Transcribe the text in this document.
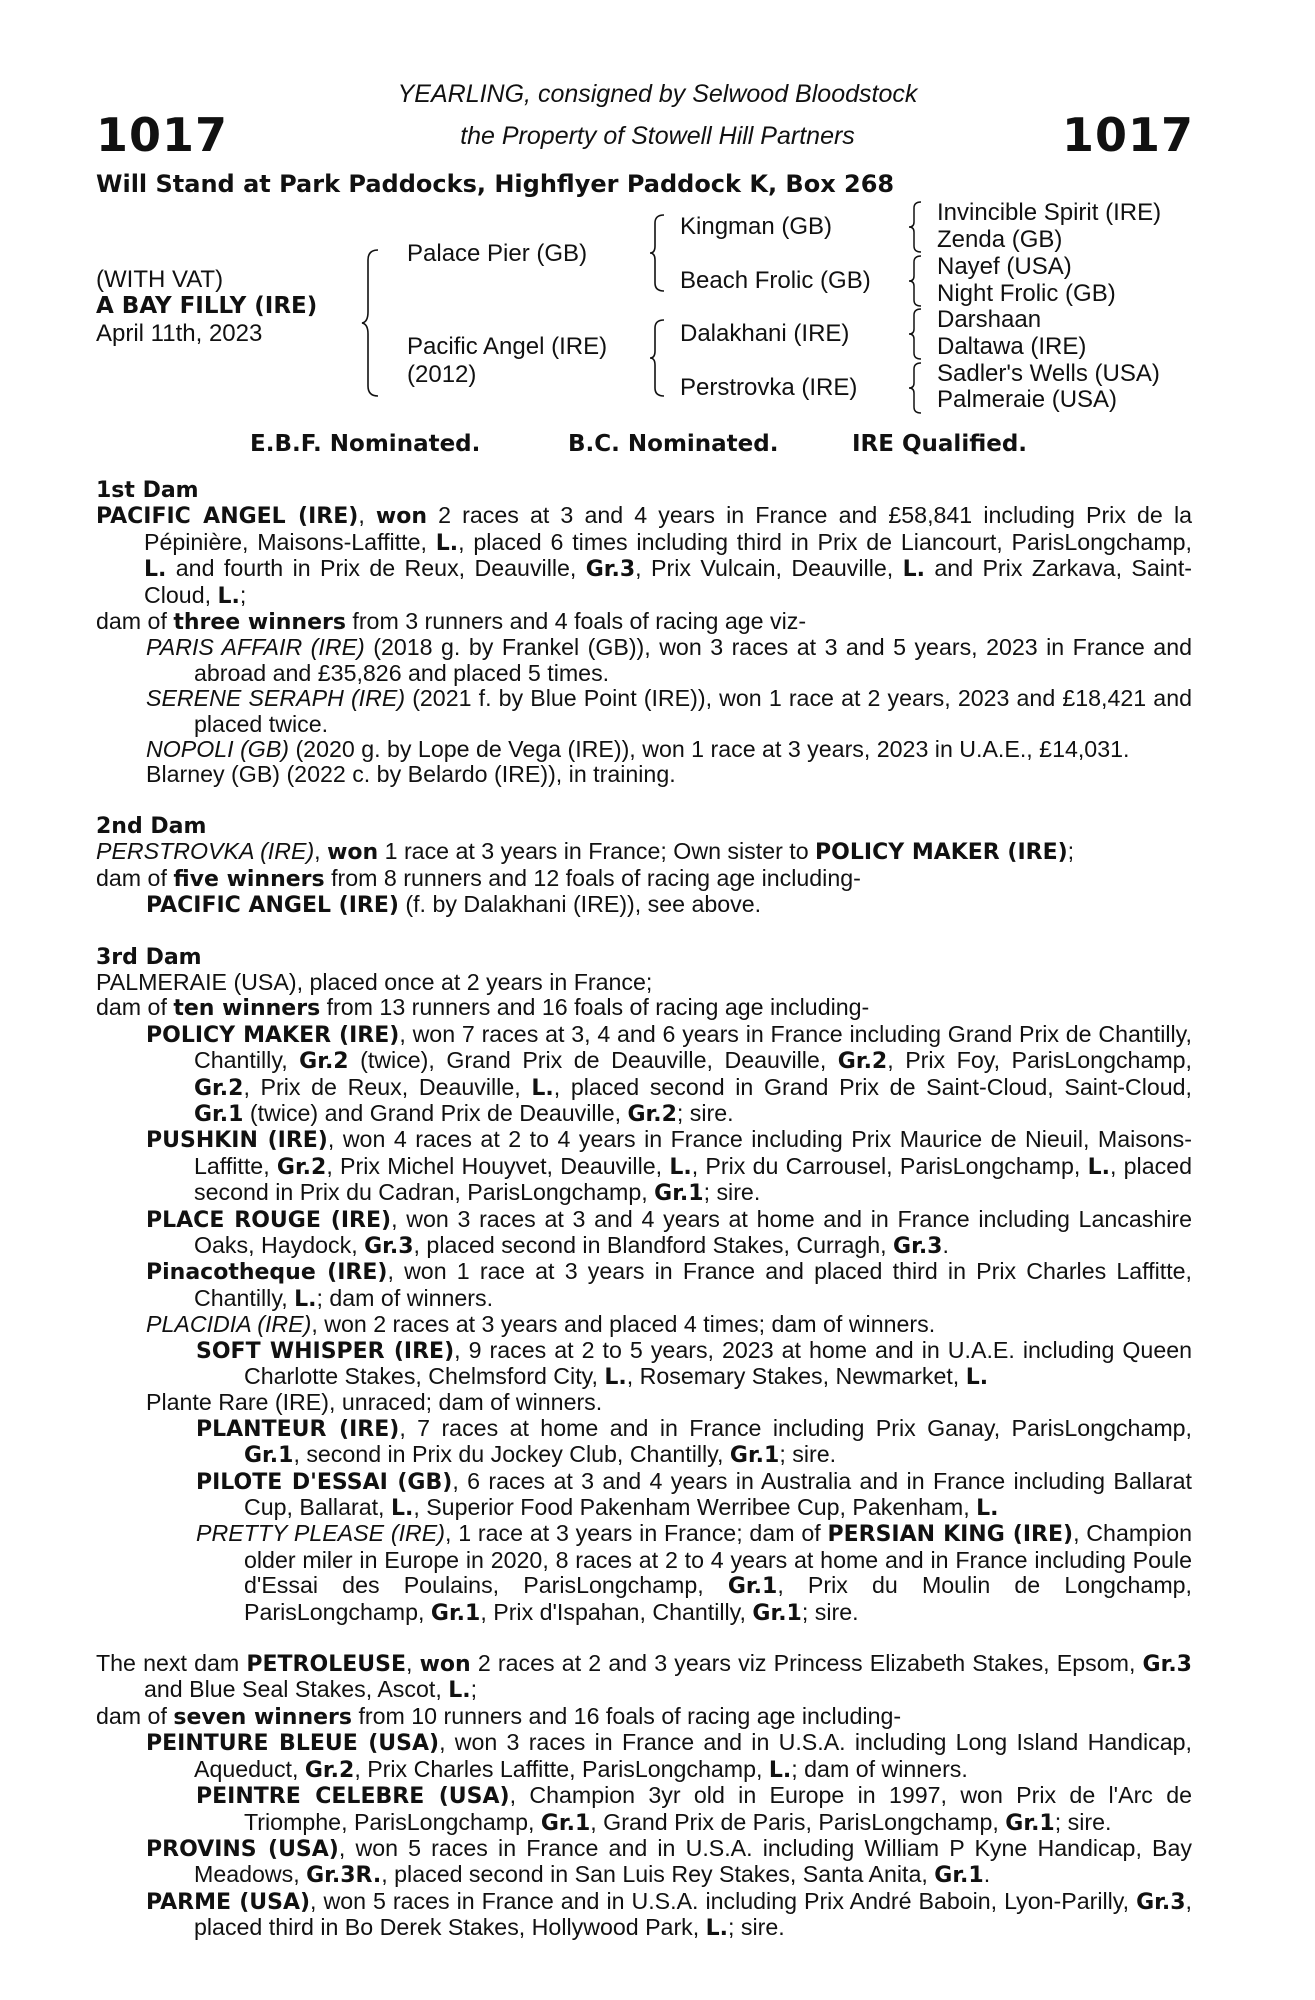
1017	1017
YEARLING, consigned by Selwood Bloodstock
the Property of Stowell Hill Partners
Will Stand at Park Paddocks, Highflyer Paddock K, Box 268
(WITH VAT)
A BAY FILLY (IRE)
April 11th, 2023
Palace Pier (GB)
Pacific Angel (IRE)
(2012)
Kingman (GB)
Beach Frolic (GB)
Dalakhani (IRE)
Perstrovka (IRE)
Invincible Spirit (IRE)
Zenda (GB)
Nayef (USA)
Night Frolic (GB)
Darshaan
Daltawa (IRE)
Sadler's Wells (USA)
Palmeraie (USA)
E.B.F. Nominated.	B.C. Nominated.	IRE Qualified.

1st Dam

PACIFIC ANGEL (IRE), won 2 races at 3 and 4 years in France and £58,841 including Prix de la Pépinière, Maisons-Laffitte, L., placed 6 times including third in Prix de Liancourt, ParisLongchamp, L. and fourth in Prix de Reux, Deauville, Gr.3, Prix Vulcain, Deauville, L. and Prix Zarkava, Saint-Cloud, L.;

dam of three winners from 3 runners and 4 foals of racing age viz-

PARIS AFFAIR (IRE) (2018 g. by Frankel (GB)), won 3 races at 3 and 5 years, 2023 in France and abroad and £35,826 and placed 5 times.

SERENE SERAPH (IRE) (2021 f. by Blue Point (IRE)), won 1 race at 2 years, 2023 and £18,421 and placed twice.

NOPOLI (GB) (2020 g. by Lope de Vega (IRE)), won 1 race at 3 years, 2023 in U.A.E., £14,031.

Blarney (GB) (2022 c. by Belardo (IRE)), in training.

2nd Dam

PERSTROVKA (IRE), won 1 race at 3 years in France; Own sister to POLICY MAKER (IRE);

dam of five winners from 8 runners and 12 foals of racing age including-

PACIFIC ANGEL (IRE) (f. by Dalakhani (IRE)), see above.

3rd Dam

PALMERAIE (USA), placed once at 2 years in France;

dam of ten winners from 13 runners and 16 foals of racing age including-

POLICY MAKER (IRE), won 7 races at 3, 4 and 6 years in France including Grand Prix de Chantilly, Chantilly, Gr.2 (twice), Grand Prix de Deauville, Deauville, Gr.2, Prix Foy, ParisLongchamp, Gr.2, Prix de Reux, Deauville, L., placed second in Grand Prix de Saint-Cloud, Saint-Cloud, Gr.1 (twice) and Grand Prix de Deauville, Gr.2; sire.

PUSHKIN (IRE), won 4 races at 2 to 4 years in France including Prix Maurice de Nieuil, Maisons-Laffitte, Gr.2, Prix Michel Houyvet, Deauville, L., Prix du Carrousel, ParisLongchamp, L., placed second in Prix du Cadran, ParisLongchamp, Gr.1; sire.

PLACE ROUGE (IRE), won 3 races at 3 and 4 years at home and in France including Lancashire Oaks, Haydock, Gr.3, placed second in Blandford Stakes, Curragh, Gr.3.

Pinacotheque (IRE), won 1 race at 3 years in France and placed third in Prix Charles Laffitte, Chantilly, L.; dam of winners.

PLACIDIA (IRE), won 2 races at 3 years and placed 4 times; dam of winners.

SOFT WHISPER (IRE), 9 races at 2 to 5 years, 2023 at home and in U.A.E. including Queen Charlotte Stakes, Chelmsford City, L., Rosemary Stakes, Newmarket, L.

Plante Rare (IRE), unraced; dam of winners.

PLANTEUR (IRE), 7 races at home and in France including Prix Ganay, ParisLongchamp, Gr.1, second in Prix du Jockey Club, Chantilly, Gr.1; sire.

PILOTE D'ESSAI (GB), 6 races at 3 and 4 years in Australia and in France including Ballarat Cup, Ballarat, L., Superior Food Pakenham Werribee Cup, Pakenham, L.

PRETTY PLEASE (IRE), 1 race at 3 years in France; dam of PERSIAN KING (IRE), Champion older miler in Europe in 2020, 8 races at 2 to 4 years at home and in France including Poule d'Essai des Poulains, ParisLongchamp, Gr.1, Prix du Moulin de Longchamp, ParisLongchamp, Gr.1, Prix d'Ispahan, Chantilly, Gr.1; sire.

The next dam PETROLEUSE, won 2 races at 2 and 3 years viz Princess Elizabeth Stakes, Epsom, Gr.3 and Blue Seal Stakes, Ascot, L.;

dam of seven winners from 10 runners and 16 foals of racing age including-

PEINTURE BLEUE (USA), won 3 races in France and in U.S.A. including Long Island Handicap, Aqueduct, Gr.2, Prix Charles Laffitte, ParisLongchamp, L.; dam of winners.

PEINTRE CELEBRE (USA), Champion 3yr old in Europe in 1997, won Prix de l'Arc de Triomphe, ParisLongchamp, Gr.1, Grand Prix de Paris, ParisLongchamp, Gr.1; sire.

PROVINS (USA), won 5 races in France and in U.S.A. including William P Kyne Handicap, Bay Meadows, Gr.3R., placed second in San Luis Rey Stakes, Santa Anita, Gr.1.

PARME (USA), won 5 races in France and in U.S.A. including Prix André Baboin, Lyon-Parilly, Gr.3, placed third in Bo Derek Stakes, Hollywood Park, L.; sire.
